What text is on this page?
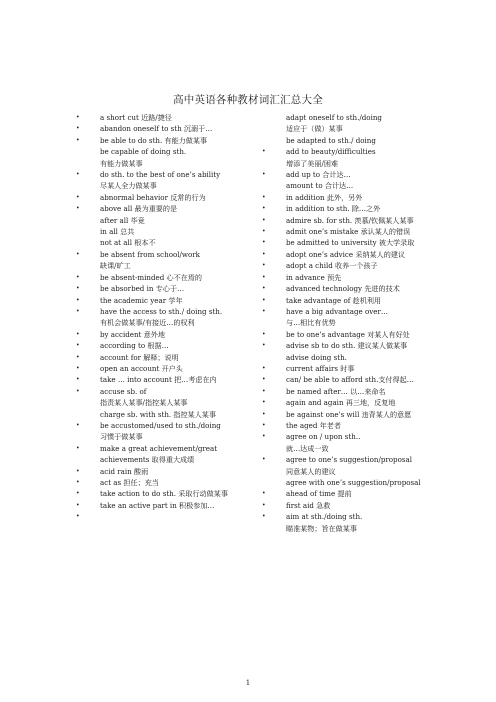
高中英语各种教材词汇汇总大全
•	a short cut 近路/捷径
•	abandon oneself to sth 沉溺于…
•	be able to do sth. 有能力做某事
be capable of doing sth.
有能力做某事
•	do sth. to the best of one’s ability
尽某人全力做某事
•	abnormal behavior 反常的行为
•	above all 最为重要的是
after all 毕竟
in all 总共
not at all 根本不
•	be absent from school/work
缺课/旷工
•	be absent-minded 心不在焉的
•	be absorbed in 专心于…
•	the academic year 学年
•	have the access to sth./ doing sth.
有机会做某事/有接近…的权利
•	by accident 意外地
•	according to 根据…
•	account for 解释；说明
•	open an account 开户头
•	take … into account 把…考虑在内
•	accuse sb. of
指责某人某事/指控某人某事
charge sb. with sth. 指控某人某事
•	be accustomed/used to sth./doing
习惯于做某事
•	make a great achievement/great
achievements 取得重大成绩
•	acid rain 酸雨
•	act as 担任；充当
•	take action to do sth. 采取行动做某事
•	take an active part in 积极参加…
•
adapt oneself to sth./doing
适应于（做）某事
be adapted to sth./ doing
•	add to beauty/difficulties
增添了美丽/困难
•	add up to 合计达…
amount to 合计达…
•	in addition 此外，另外
•	in addition to sth. 除…之外
•	admire sb. for sth. 羡慕/钦佩某人某事
•	admit one’s mistake 承认某人的错误
•	be admitted to university 被大学录取
•	adopt one’s advice 采纳某人的建议
•	adopt a child 收养一个孩子
•	in advance 预先
•	advanced technology 先进的技术
•	take advantage of 趁机利用
•	have a big advantage over…
与…相比有优势
•	be to one’s advantage 对某人有好处
•	advise sb to do sth. 建议某人做某事
advise doing sth.
•	current affairs 时事
•	can/ be able to afford sth.支付得起…
•	be named after… 以…来命名
•	again and again 再三地，反复地
•	be against one's will 违背某人的意愿
•	the aged 年老者
•	agree on / upon sth..
就…达成一致
•	agree to one’s suggestion/proposal
同意某人的建议
agree with one’s suggestion/proposal
•	ahead of time 提前
•	first aid 急救
•	aim at sth./doing sth.
瞄准某物；旨在做某事
1
